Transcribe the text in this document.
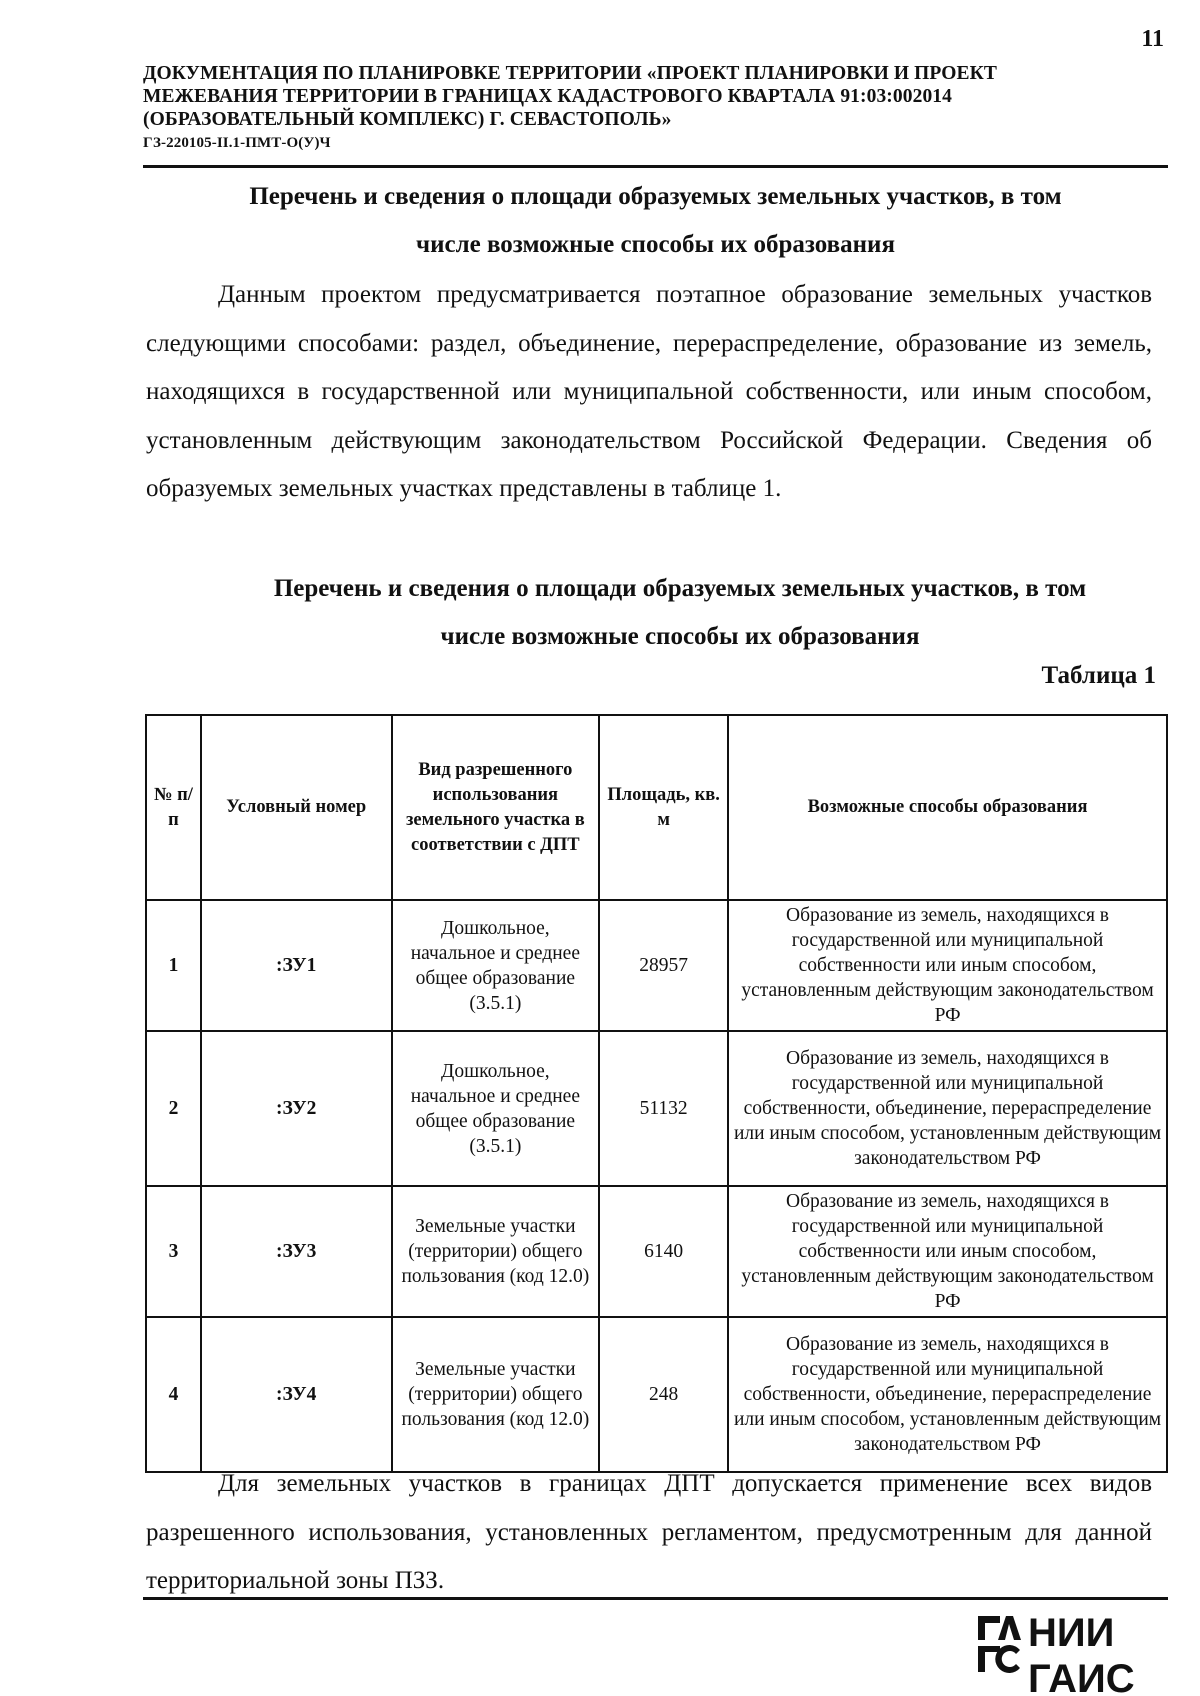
11
ДОКУМЕНТАЦИЯ ПО ПЛАНИРОВКЕ ТЕРРИТОРИИ «ПРОЕКТ ПЛАНИРОВКИ И ПРОЕКТ
МЕЖЕВАНИЯ ТЕРРИТОРИИ В ГРАНИЦАХ КАДАСТРОВОГО КВАРТАЛА 91:03:002014
(ОБРАЗОВАТЕЛЬНЫЙ КОМПЛЕКС) Г. СЕВАСТОПОЛЬ»
ГЗ-220105-II.1-ПМТ-О(У)Ч
Перечень и сведения о площади образуемых земельных участков, в том
числе возможные способы их образования
Данным проектом предусматривается поэтапное образование земельных участков следующими способами: раздел, объединение, перераспределение, образование из земель, находящихся в государственной или муниципальной собственности, или иным способом, установленным действующим законодательством Российской Федерации. Сведения об образуемых земельных участках представлены в таблице 1.
Перечень и сведения о площади образуемых земельных участков, в том
числе возможные способы их образования
Таблица 1
№ п/п	Условный номер	Вид разрешенного использования земельного участка в соответствии с ДПТ	Площадь, кв. м	Возможные способы образования
1	:ЗУ1	Дошкольное, начальное и среднее общее образование (3.5.1)	28957	Образование из земель, находящихся в государственной или муниципальной собственности или иным способом, установленным действующим законодательством РФ
2	:ЗУ2	Дошкольное, начальное и среднее общее образование (3.5.1)	51132	Образование из земель, находящихся в государственной или муниципальной собственности, объединение, перераспределение или иным способом, установленным действующим законодательством РФ
3	:ЗУ3	Земельные участки (территории) общего пользования (код 12.0)	6140	Образование из земель, находящихся в государственной или муниципальной собственности или иным способом, установленным действующим законодательством РФ
4	:ЗУ4	Земельные участки (территории) общего пользования (код 12.0)	248	Образование из земель, находящихся в государственной или муниципальной собственности, объединение, перераспределение или иным способом, установленным действующим законодательством РФ
Для земельных участков в границах ДПТ допускается применение всех видов разрешенного использования, установленных регламентом, предусмотренным для данной территориальной зоны ПЗЗ.
НИИ
ГАИС
